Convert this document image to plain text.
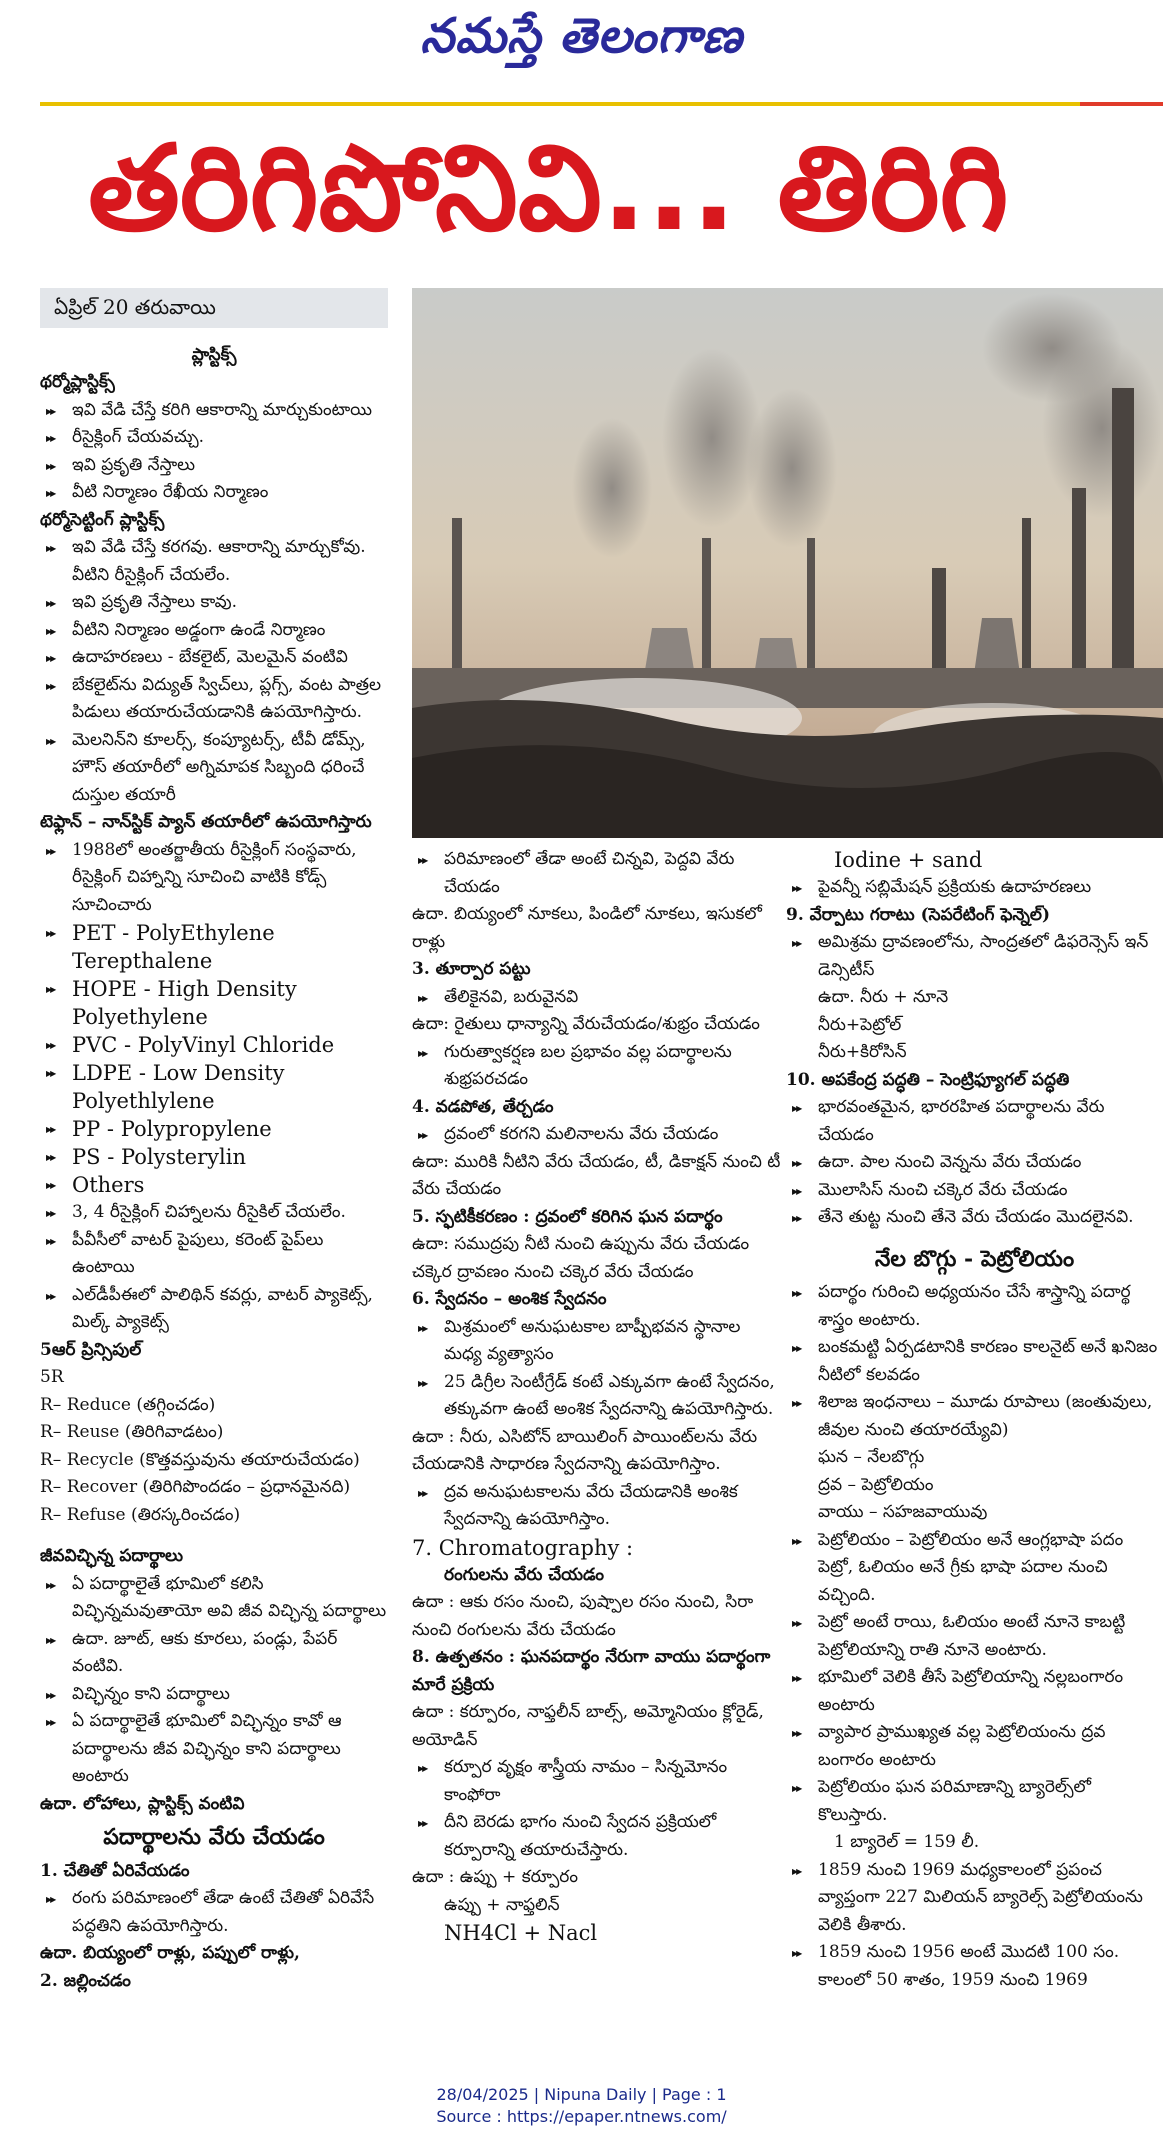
నమస్తే తెలంగాణ
తరిగిపోనివి... తిరిగి
ఏప్రిల్ 20 తరువాయి
ప్లాస్టిక్స్
థర్మోప్లాస్టిక్స్
▶▶ ఇవి వేడి చేస్తే కరిగి ఆకారాన్ని మార్చుకుంటాయి
▶▶ రీసైక్లింగ్ చేయవచ్చు.
▶▶ ఇవి ప్రకృతి నేస్తాలు
▶▶ వీటి నిర్మాణం రేఖీయ నిర్మాణం
థర్మోసెట్టింగ్ ప్లాస్టిక్స్
▶▶ ఇవి వేడి చేస్తే కరగవు. ఆకారాన్ని మార్చుకోవు. వీటిని రీసైక్లింగ్ చేయలేం.
▶▶ ఇవి ప్రకృతి నేస్తాలు కావు.
▶▶ వీటిని నిర్మాణం అడ్డంగా ఉండే నిర్మాణం
▶▶ ఉదాహరణలు - బేకలైట్, మెలమైన్ వంటివి
▶▶ బేకలైట్‌ను విద్యుత్ స్విచ్‌లు, ప్లగ్స్, వంట పాత్రల పిడులు తయారుచేయడానికి ఉపయోగిస్తారు.
▶▶ మెలనిన్‌ని కూలర్స్, కంప్యూటర్స్, టీవీ డోమ్స్, హౌస్ తయారీలో అగ్నిమాపక సిబ్బంది ధరించే దుస్తుల తయారీ
టెఫ్లాన్ – నాన్‌స్టిక్ ప్యాన్ తయారీలో ఉపయోగిస్తారు
▶▶ 1988లో అంతర్జాతీయ రీసైక్లింగ్ సంస్థవారు, రీసైక్లింగ్ చిహ్నాన్ని సూచించి వాటికి కోడ్స్ సూచించారు
▶▶ PET - PolyEthylene Terepthalene
▶▶ HOPE - High Density Polyethylene
▶▶ PVC - PolyVinyl Chloride
▶▶ LDPE - Low Density Polyethlylene
▶▶ PP - Polypropylene
▶▶ PS - Polysterylin
▶▶ Others
▶▶ 3, 4 రీసైక్లింగ్ చిహ్నాలను రీసైకిల్ చేయలేం.
▶▶ పీవీసీలో వాటర్ పైపులు, కరెంట్ పైప్‌లు ఉంటాయి
▶▶ ఎల్‌డీపీఈలో పాలిథిన్ కవర్లు, వాటర్ ప్యాకెట్స్, మిల్క్ ప్యాకెట్స్
5ఆర్ ప్రిన్సిపుల్
5R
R– Reduce (తగ్గించడం)
R– Reuse (తిరిగివాడటం)
R– Recycle (కొత్తవస్తువును తయారుచేయడం)
R– Recover (తిరిగిపొందడం – ప్రధానమైనది)
R– Refuse (తిరస్కరించడం)
జీవవిచ్ఛిన్న పదార్థాలు
▶▶ ఏ పదార్థాలైతే భూమిలో కలిసి విచ్ఛిన్నమవుతాయో అవి జీవ విచ్ఛిన్న పదార్థాలు
▶▶ ఉదా. జూట్, ఆకు కూరలు, పండ్లు, పేపర్ వంటివి.
▶▶ విచ్ఛిన్నం కాని పదార్థాలు
▶▶ ఏ పదార్థాలైతే భూమిలో విచ్ఛిన్నం కావో ఆ పదార్థాలను జీవ విచ్ఛిన్నం కాని పదార్థాలు అంటారు
ఉదా. లోహాలు, ప్లాస్టిక్స్ వంటివి
పదార్థాలను వేరు చేయడం
1. చేతితో ఏరివేయడం
▶▶ రంగు పరిమాణంలో తేడా ఉంటే చేతితో ఏరివేసే పద్ధతిని ఉపయోగిస్తారు.
ఉదా. బియ్యంలో రాళ్లు, పప్పులో రాళ్లు,
2. జల్లించడం
▶▶ పరిమాణంలో తేడా అంటే చిన్నవి, పెద్దవి వేరు చేయడం
ఉదా. బియ్యంలో నూకలు, పిండిలో నూకలు, ఇసుకలో రాళ్లు
3. తూర్పార పట్టు
▶▶ తేలికైనవి, బరువైనవి
ఉదా: రైతులు ధాన్యాన్ని వేరుచేయడం/శుభ్రం చేయడం
▶▶ గురుత్వాకర్షణ బల ప్రభావం వల్ల పదార్థాలను శుభ్రపరచడం
4. వడపోత, తేర్చడం
▶▶ ద్రవంలో కరగని మలినాలను వేరు చేయడం
ఉదా: మురికి నీటిని వేరు చేయడం, టీ, డికాక్షన్ నుంచి టీ వేరు చేయడం
5. స్ఫటికీకరణం : ద్రవంలో కరిగిన ఘన పదార్థం
ఉదా: సముద్రపు నీటి నుంచి ఉప్పును వేరు చేయడం చక్కెర ద్రావణం నుంచి చక్కెర వేరు చేయడం
6. స్వేదనం – అంశిక స్వేదనం
▶▶ మిశ్రమంలో అనుఘటకాల బాష్పీభవన స్థానాల మధ్య వ్యత్యాసం
▶▶ 25 డిగ్రీల సెంటీగ్రేడ్ కంటే ఎక్కువగా ఉంటే స్వేదనం, తక్కువగా ఉంటే అంశిక స్వేదనాన్ని ఉపయోగిస్తారు.
ఉదా : నీరు, ఎసిటోన్ బాయిలింగ్ పాయింట్‌లను వేరు చేయడానికి సాధారణ స్వేదనాన్ని ఉపయోగిస్తాం.
▶▶ ద్రవ అనుఘటకాలను వేరు చేయడానికి అంశిక స్వేదనాన్ని ఉపయోగిస్తాం.
7. Chromatography :
రంగులను వేరు చేయడం
ఉదా : ఆకు రసం నుంచి, పుష్పాల రసం నుంచి, సిరా నుంచి రంగులను వేరు చేయడం
8. ఉత్పతనం : ఘనపదార్థం నేరుగా వాయు పదార్థంగా మారే ప్రక్రియ
ఉదా : కర్పూరం, నాఫ్తలీన్ బాల్స్, అమ్మోనియం క్లోరైడ్, అయోడిన్
▶▶ కర్పూర వృక్షం శాస్త్రీయ నామం – సిన్నమోనం కాంఫోరా
▶▶ దీని బెరడు భాగం నుంచి స్వేదన ప్రక్రియలో కర్పూరాన్ని తయారుచేస్తారు.
ఉదా : ఉప్పు + కర్పూరం
ఉప్పు + నాఫ్తలిన్
NH4Cl + Nacl
Iodine + sand
▶▶ పైవన్నీ సబ్లిమేషన్ ప్రక్రియకు ఉదాహరణలు
9. వేర్పాటు గరాటు (సెపరేటింగ్ ఫెన్నెల్)
▶▶ అమిశ్రమ ద్రావణంలోను, సాంద్రతలో డిఫరెన్సెస్ ఇన్ డెన్సిటీస్
ఉదా. నీరు + నూనె
నీరు+పెట్రోల్
నీరు+కిరోసిన్
10. అపకేంద్ర పద్ధతి – సెంట్రిఫ్యూగల్ పద్ధతి
▶▶ భారవంతమైన, భారరహిత పదార్థాలను వేరు చేయడం
▶▶ ఉదా. పాల నుంచి వెన్నను వేరు చేయడం
▶▶ మొలాసిస్ నుంచి చక్కెర వేరు చేయడం
▶▶ తేనె తుట్ట నుంచి తేనె వేరు చేయడం మొదలైనవి.
నేల బొగ్గు - పెట్రోలియం
▶▶ పదార్థం గురించి అధ్యయనం చేసే శాస్త్రాన్ని పదార్థ శాస్త్రం అంటారు.
▶▶ బంకమట్టి ఏర్పడటానికి కారణం కాలనైట్ అనే ఖనిజం నీటిలో కలవడం
▶▶ శిలాజ ఇంధనాలు – మూడు రూపాలు (జంతువులు, జీవుల నుంచి తయారయ్యేవి)
ఘన – నేలబొగ్గు
ద్రవ – పెట్రోలియం
వాయు – సహజవాయువు
▶▶ పెట్రోలియం – పెట్రోలియం అనే ఆంగ్లభాషా పదం పెట్రో, ఓలియం అనే గ్రీకు భాషా పదాల నుంచి వచ్చింది.
▶▶ పెట్రో అంటే రాయి, ఓలియం అంటే నూనె కాబట్టి పెట్రోలియాన్ని రాతి నూనె అంటారు.
▶▶ భూమిలో వెలికి తీసే పెట్రోలియాన్ని నల్లబంగారం అంటారు
▶▶ వ్యాపార ప్రాముఖ్యత వల్ల పెట్రోలియంను ద్రవ బంగారం అంటారు
▶▶ పెట్రోలియం ఘన పరిమాణాన్ని బ్యారెల్స్‌లో కొలుస్తారు.
1 బ్యారెల్ = 159 లీ.
▶▶ 1859 నుంచి 1969 మధ్యకాలంలో ప్రపంచ వ్యాప్తంగా 227 మిలియన్ బ్యారెల్స్ పెట్రోలియంను వెలికి తీశారు.
▶▶ 1859 నుంచి 1956 అంటే మొదటి 100 సం. కాలంలో 50 శాతం, 1959 నుంచి 1969
28/04/2025 | Nipuna Daily | Page : 1
Source : https://epaper.ntnews.com/
